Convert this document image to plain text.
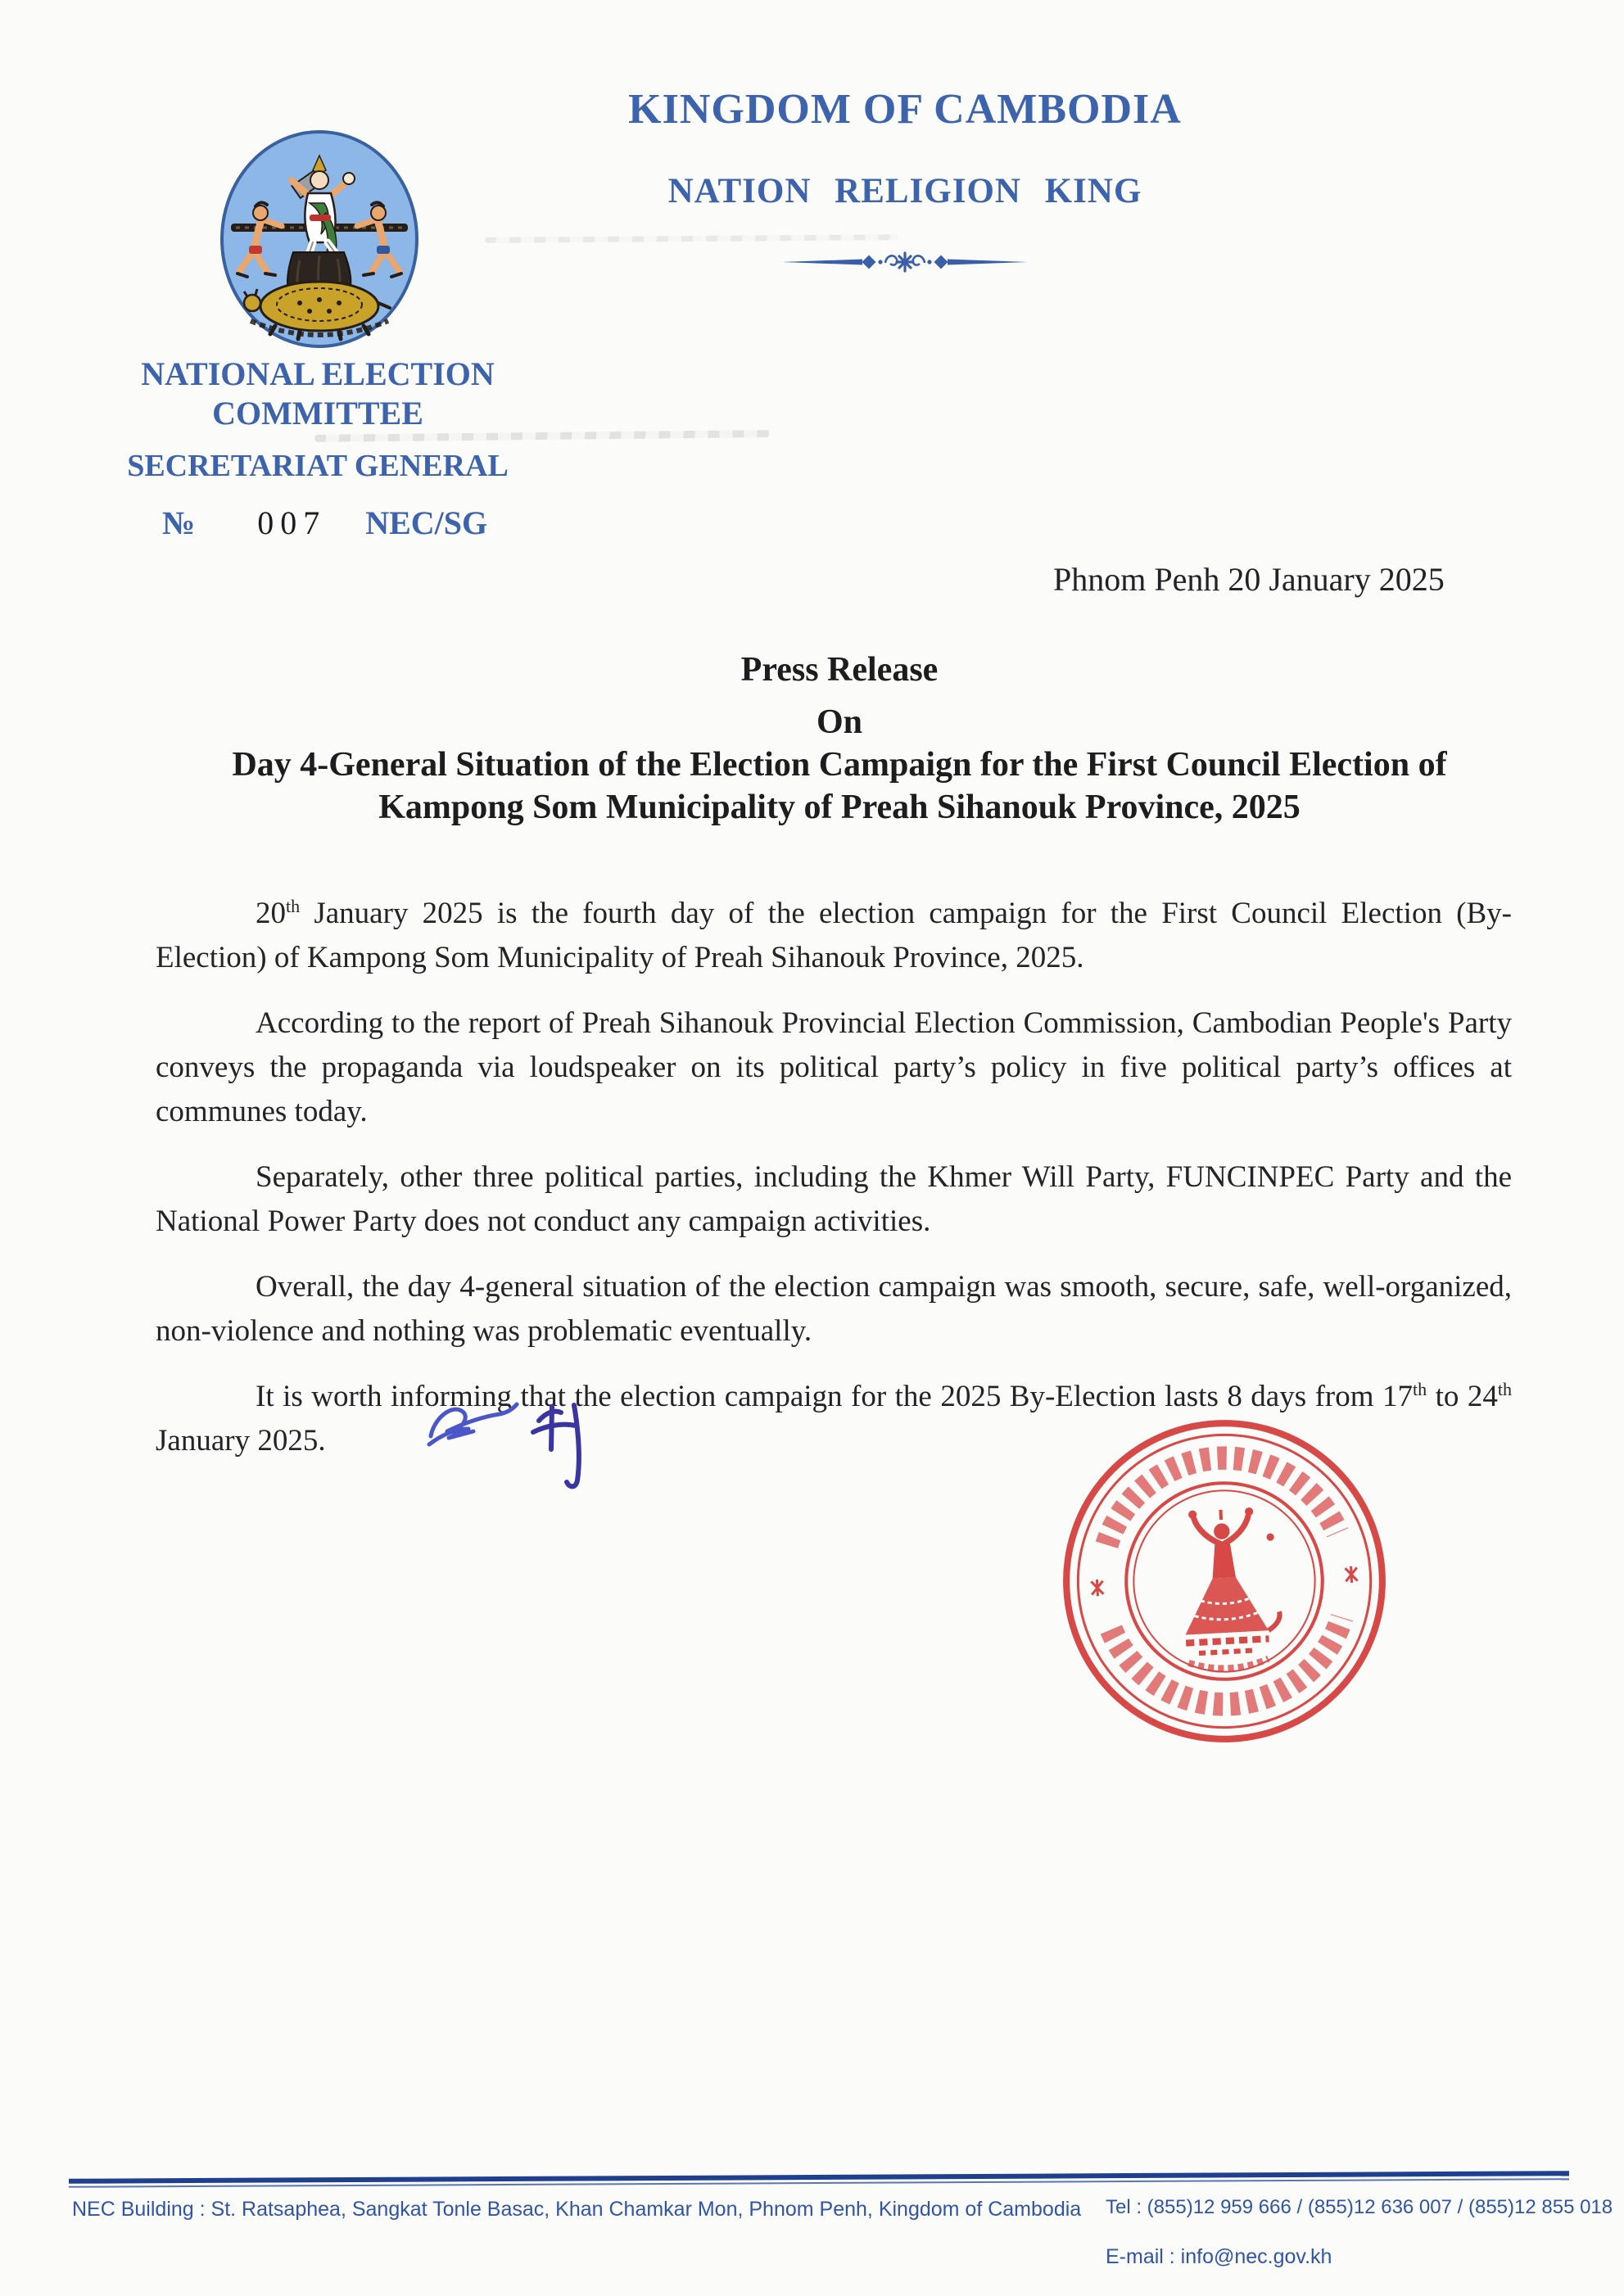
KINGDOM OF CAMBODIA
NATION RELIGION KING
NATIONAL ELECTION COMMITTEE
SECRETARIAT GENERAL
№ 007 NEC/SG
Phnom Penh 20 January 2025
Press Release
On
Day 4-General Situation of the Election Campaign for the First Council Election of
Kampong Som Municipality of Preah Sihanouk Province, 2025

20th January 2025 is the fourth day of the election campaign for the First Council Election (By-Election) of Kampong Som Municipality of Preah Sihanouk Province, 2025.

According to the report of Preah Sihanouk Provincial Election Commission, Cambodian People's Party conveys the propaganda via loudspeaker on its political party’s policy in five political party’s offices at communes today.

Separately, other three political parties, including the Khmer Will Party, FUNCINPEC Party and the National Power Party does not conduct any campaign activities.

Overall, the day 4-general situation of the election campaign was smooth, secure, safe, well-organized, non-violence and nothing was problematic eventually.

It is worth informing that the election campaign for the 2025 By-Election lasts 8 days from 17th to 24th January 2025.

NEC Building : St. Ratsaphea, Sangkat Tonle Basac, Khan Chamkar Mon, Phnom Penh, Kingdom of Cambodia Tel : (855)12 959 666 / (855)12 636 007 / (855)12 855 018
E-mail : info@nec.gov.kh
